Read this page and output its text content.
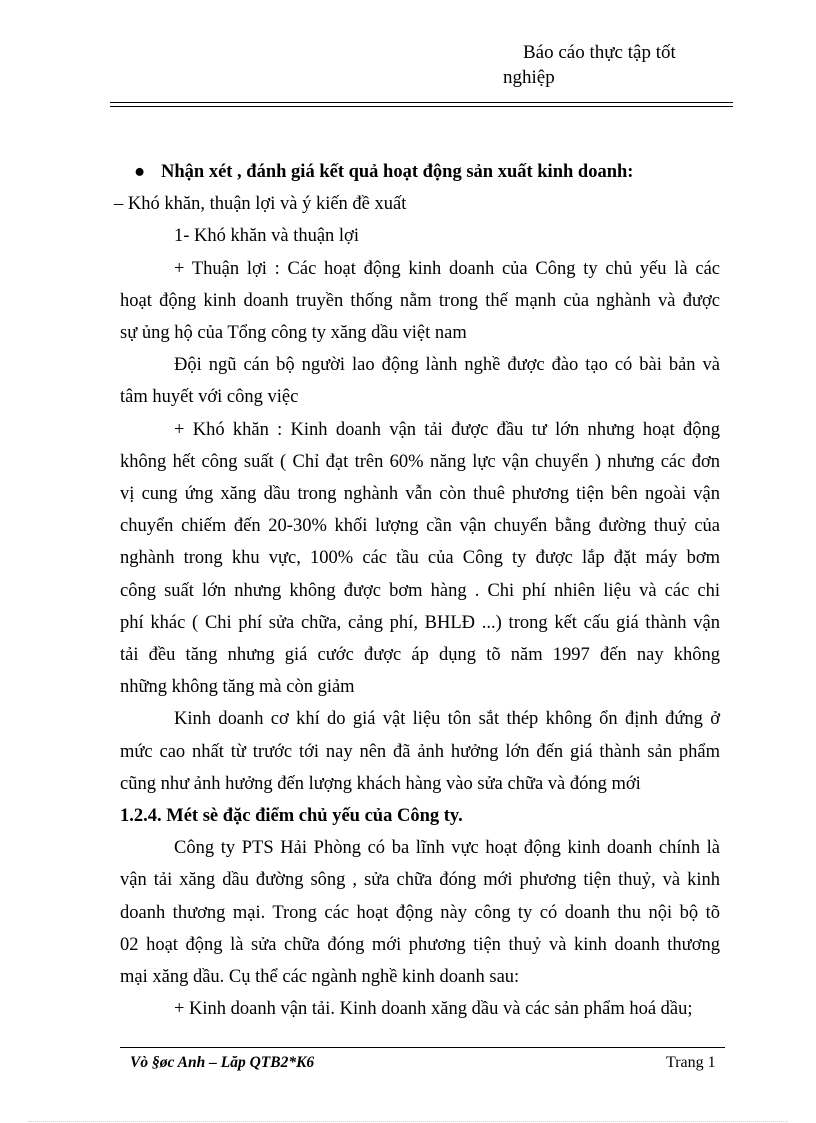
Báo cáo thực tập tốt
nghiệp
● Nhận xét , đánh giá kết quả hoạt động sản xuất kinh doanh:
– Khó khăn, thuận lợi và ý kiến đề xuất
1- Khó khăn và thuận lợi
+ Thuận lợi : Các hoạt động kinh doanh của Công ty chủ yếu là các
hoạt động kinh doanh truyền thống nằm trong thế mạnh của nghành và được
sự ủng hộ của Tổng công ty xăng dầu việt nam
Đội ngũ cán bộ người lao động lành nghề được đào tạo có bài bản và
tâm huyết với công việc
+ Khó khăn : Kinh doanh vận tải được đầu tư lớn nhưng hoạt động
không hết công suất ( Chỉ đạt trên 60% năng lực vận chuyển ) nhưng các đơn
vị cung ứng xăng dầu trong nghành vẫn còn thuê phương tiện bên ngoài vận
chuyển chiếm đến 20-30% khối lượng cần vận chuyển bằng đường thuỷ của
nghành trong khu vực, 100% các tầu của Công ty được lắp đặt máy bơm
công suất lớn nhưng không được bơm hàng . Chi phí nhiên liệu và các chi
phí khác ( Chi phí sửa chữa, cảng phí, BHLĐ ...) trong kết cấu giá thành vận
tải đều tăng nhưng giá cước được áp dụng tõ năm 1997 đến nay không
những không tăng mà còn giảm
Kinh doanh cơ khí do giá vật liệu tôn sắt thép không ổn định đứng ở
mức cao nhất từ trước tới nay nên đã ảnh hưởng lớn đến giá thành sản phẩm
cũng như ảnh hưởng đến lượng khách hàng vào sửa chữa và đóng mới
1.2.4. Mét sè đặc điểm chủ yếu của Công ty.
Công ty PTS Hải Phòng có ba lĩnh vực hoạt động kinh doanh chính là
vận tải xăng dầu đường sông , sửa chữa đóng mới phương tiện thuỷ, và kinh
doanh thương mại. Trong các hoạt động này công ty có doanh thu nội bộ tõ
02 hoạt động là sửa chữa đóng mới phương tiện thuỷ và kinh doanh thương
mại xăng dầu. Cụ thể các ngành nghề kinh doanh sau:
+ Kinh doanh vận tải. Kinh doanh xăng dầu và các sản phẩm hoá dầu;
Vò §øc Anh – Lăp QTB2*K6	Trang 1
